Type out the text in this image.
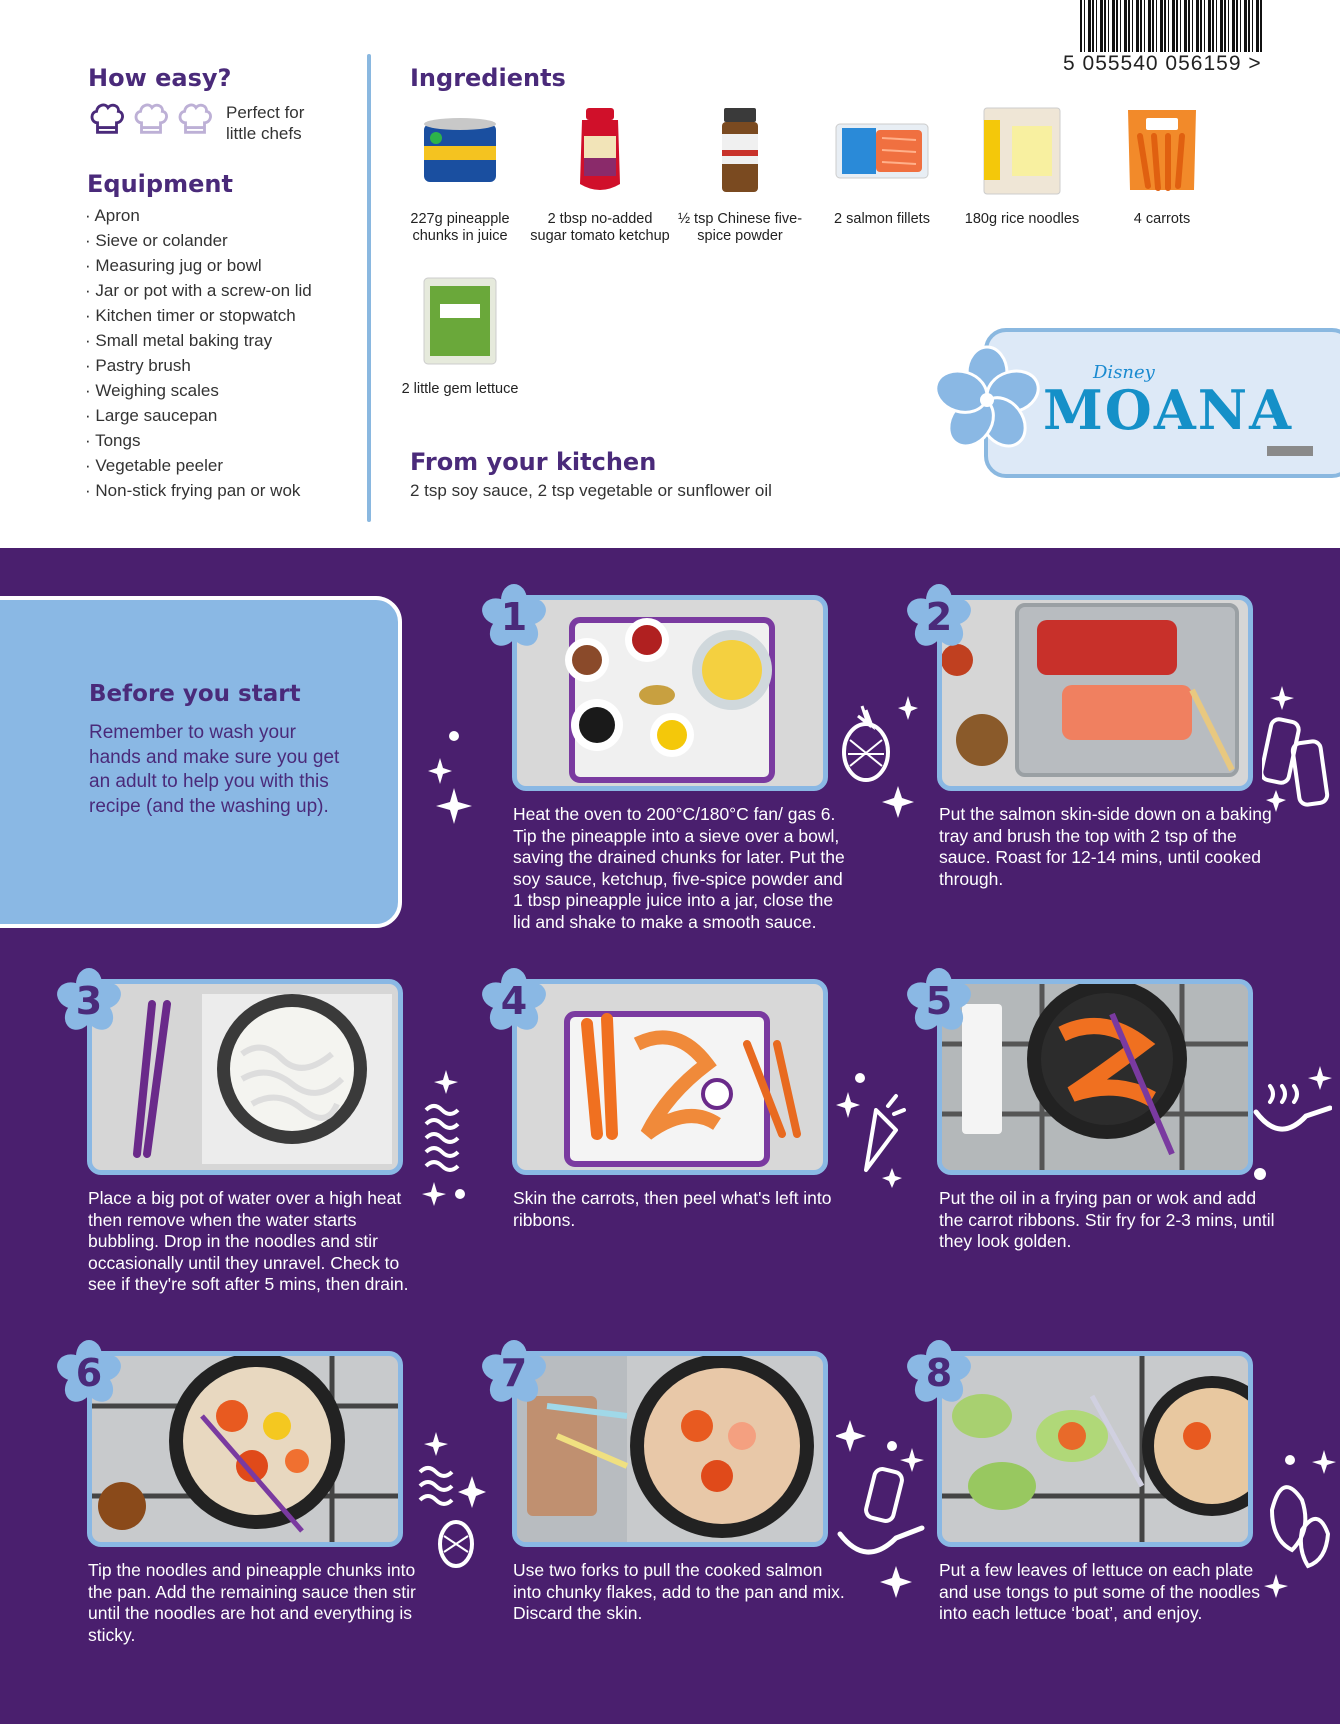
5 055540 056159 >
How easy?
Perfect for little chefs
Equipment
· Apron
· Sieve or colander
· Measuring jug or bowl
· Jar or pot with a screw-on lid
· Kitchen timer or stopwatch
· Small metal baking tray
· Pastry brush
· Weighing scales
· Large saucepan
· Tongs
· Vegetable peeler
· Non-stick frying pan or wok
Ingredients
227g pineapple chunks in juice
2 tbsp no-added sugar tomato ketchup
½ tsp Chinese five-spice powder
2 salmon fillets	180g rice noodles	4 carrots
2 little gem lettuce
From your kitchen
2 tsp soy sauce, 2 tsp vegetable or sunflower oil
Disney
MOANA
Before you start
Remember to wash your hands and make sure you get an adult to help you with this recipe (and the washing up).
1
Heat the oven to 200°C/180°C fan/ gas 6. Tip the pineapple into a sieve over a bowl, saving the drained chunks for later. Put the soy sauce, ketchup, five-spice powder and 1 tbsp pineapple juice into a jar, close the lid and shake to make a smooth sauce.
2
Put the salmon skin-side down on a baking tray and brush the top with 2 tsp of the sauce. Roast for 12-14 mins, until cooked through.
3
Place a big pot of water over a high heat then remove when the water starts bubbling. Drop in the noodles and stir occasionally until they unravel. Check to see if they're soft after 5 mins, then drain.
4
Skin the carrots, then peel what's left into ribbons.
5
Put the oil in a frying pan or wok and add the carrot ribbons. Stir fry for 2-3 mins, until they look golden.
6
Tip the noodles and pineapple chunks into the pan. Add the remaining sauce then stir until the noodles are hot and everything is sticky.
7
Use two forks to pull the cooked salmon into chunky flakes, add to the pan and mix. Discard the skin.
8
Put a few leaves of lettuce on each plate and use tongs to put some of the noodles into each lettuce ‘boat’, and enjoy.
